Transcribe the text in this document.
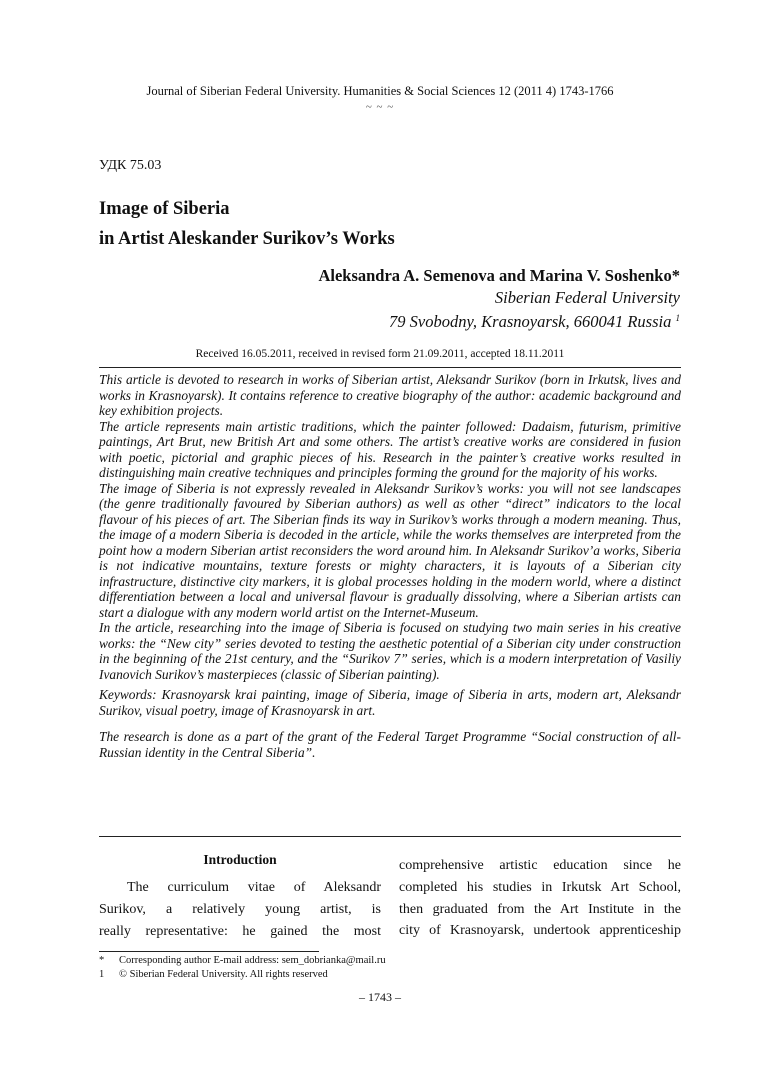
Journal of Siberian Federal University. Humanities & Social Sciences 12 (2011 4) 1743-1766
~ ~ ~
УДК 75.03
Image of Siberia
in Artist Aleskander Surikov’s Works
Aleksandra A. Semenova and Marina V. Soshenko*
Siberian Federal University
79 Svobodny, Krasnoyarsk, 660041 Russia $^1$
Received 16.05.2011, received in revised form 21.09.2011, accepted 18.11.2011

This article is devoted to research in works of Siberian artist, Aleksandr Surikov (born in Irkutsk, lives and works in Krasnoyarsk). It contains reference to creative biography of the author: academic background and key exhibition projects.

The article represents main artistic traditions, which the painter followed: Dadaism, futurism, primitive paintings, Art Brut, new British Art and some others. The artist’s creative works are considered in fusion with poetic, pictorial and graphic pieces of his. Research in the painter’s creative works resulted in distinguishing main creative techniques and principles forming the ground for the majority of his works.

The image of Siberia is not expressly revealed in Aleksandr Surikov’s works: you will not see landscapes (the genre traditionally favoured by Siberian authors) as well as other “direct” indicators to the local flavour of his pieces of art. The Siberian finds its way in Surikov’s works through a modern meaning. Thus, the image of a modern Siberia is decoded in the article, while the works themselves are interpreted from the point how a modern Siberian artist reconsiders the word around him. In Aleksandr Surikov’a works, Siberia is not indicative mountains, texture forests or mighty characters, it is layouts of a Siberian city infrastructure, distinctive city markers, it is global processes holding in the modern world, where a distinct differentiation between a local and universal flavour is gradually dissolving, where a Siberian artists can start a dialogue with any modern world artist on the Internet-Museum.

In the article, researching into the image of Siberia is focused on studying two main series in his creative works: the “New city” series devoted to testing the aesthetic potential of a Siberian city under construction in the beginning of the 21st century, and the “Surikov 7” series, which is a modern interpretation of Vasiliy Ivanovich Surikov’s masterpieces (classic of Siberian painting).

Keywords: Krasnoyarsk krai painting, image of Siberia, image of Siberia in arts, modern art, Aleksandr Surikov, visual poetry, image of Krasnoyarsk in art.

The research is done as a part of the grant of the Federal Target Programme “Social construction of all-Russian identity in the Central Siberia”.

Introduction

The curriculum vitae of Aleksandr

Surikov, a relatively young artist, is

really representative: he gained the most

comprehensive artistic education since he

completed his studies in Irkutsk Art School,

then graduated from the Art Institute in the

city of Krasnoyarsk, undertook apprenticeship

* Corresponding author E-mail address: sem_dobrianka@mail.ru
1 © Siberian Federal University. All rights reserved
– 1743 –
